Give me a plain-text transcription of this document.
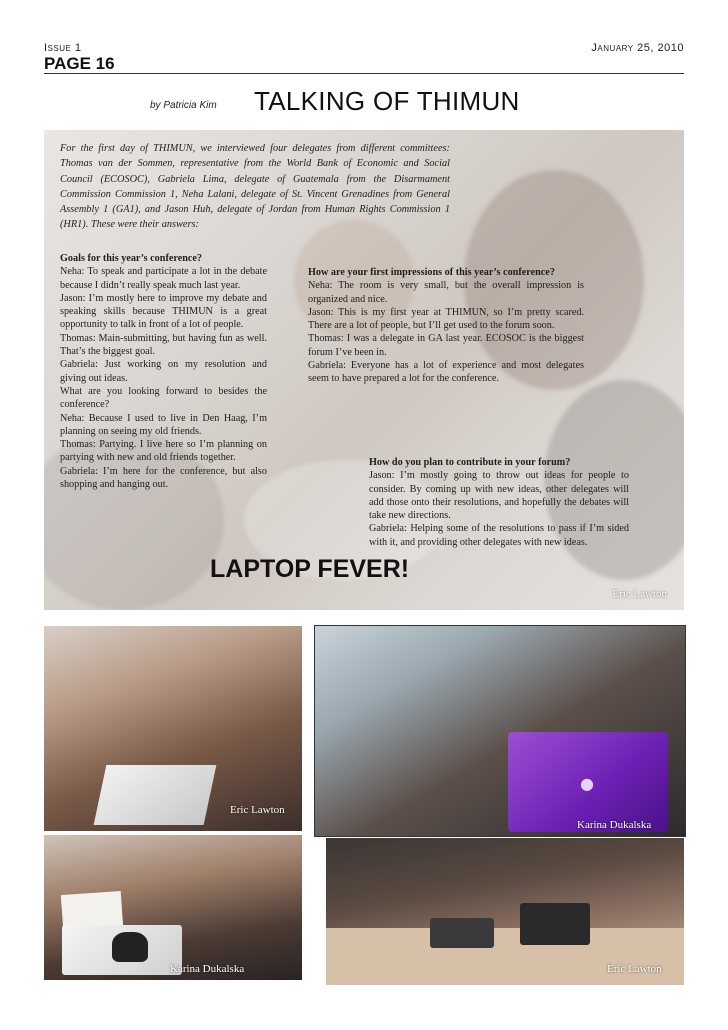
Issue 1	January 25, 2010
PAGE 16
by Patricia Kim TALKING OF THIMUN
For the first day of THIMUN, we interviewed four delegates from different committees: Thomas van der Sommen, representative from the World Bank of Economic and Social Council (ECOSOC), Gabriela Lima, delegate of Guatemala from the Disarmament Commission Commission 1, Neha Lalani, delegate of St. Vincent Grenadines from General Assembly 1 (GA1), and Jason Huh, delegate of Jordan from Human Rights Commission 1 (HR1). These were their answers:

Goals for this year’s conference?

Neha: To speak and participate a lot in the debate because I didn’t really speak much last year.

Jason: I’m mostly here to improve my debate and speaking skills because THIMUN is a great opportunity to talk in front of a lot of people.

Thomas: Main-submitting, but having fun as well. That’s the biggest goal.

Gabriela: Just working on my resolution and giving out ideas.

What are you looking forward to besides the conference?

Neha: Because I used to live in Den Haag, I’m planning on seeing my old friends.

Thomas: Partying. I live here so I’m planning on partying with new and old friends together.

Gabriela: I’m here for the conference, but also shopping and hanging out.

How are your first impressions of this year’s conference?

Neha: The room is very small, but the overall impression is organized and nice.

Jason: This is my first year at THIMUN, so I’m pretty scared. There are a lot of people, but I’ll get used to the forum soon.

Thomas: I was a delegate in GA last year. ECOSOC is the biggest forum I’ve been in.

Gabriela: Everyone has a lot of experience and most delegates seem to have prepared a lot for the conference.

How do you plan to contribute in your forum?

Jason: I’m mostly going to throw out ideas for people to consider. By coming up with new ideas, other delegates will add those onto their resolutions, and hopefully the debates will take new directions.

Gabriela: Helping some of the resolutions to pass if I’m sided with it, and providing other delegates with new ideas.

LAPTOP FEVER!
Eric Lawton
●
Eric Lawton
Karina Dukalska
Karina Dukalska	Eric Lawton
